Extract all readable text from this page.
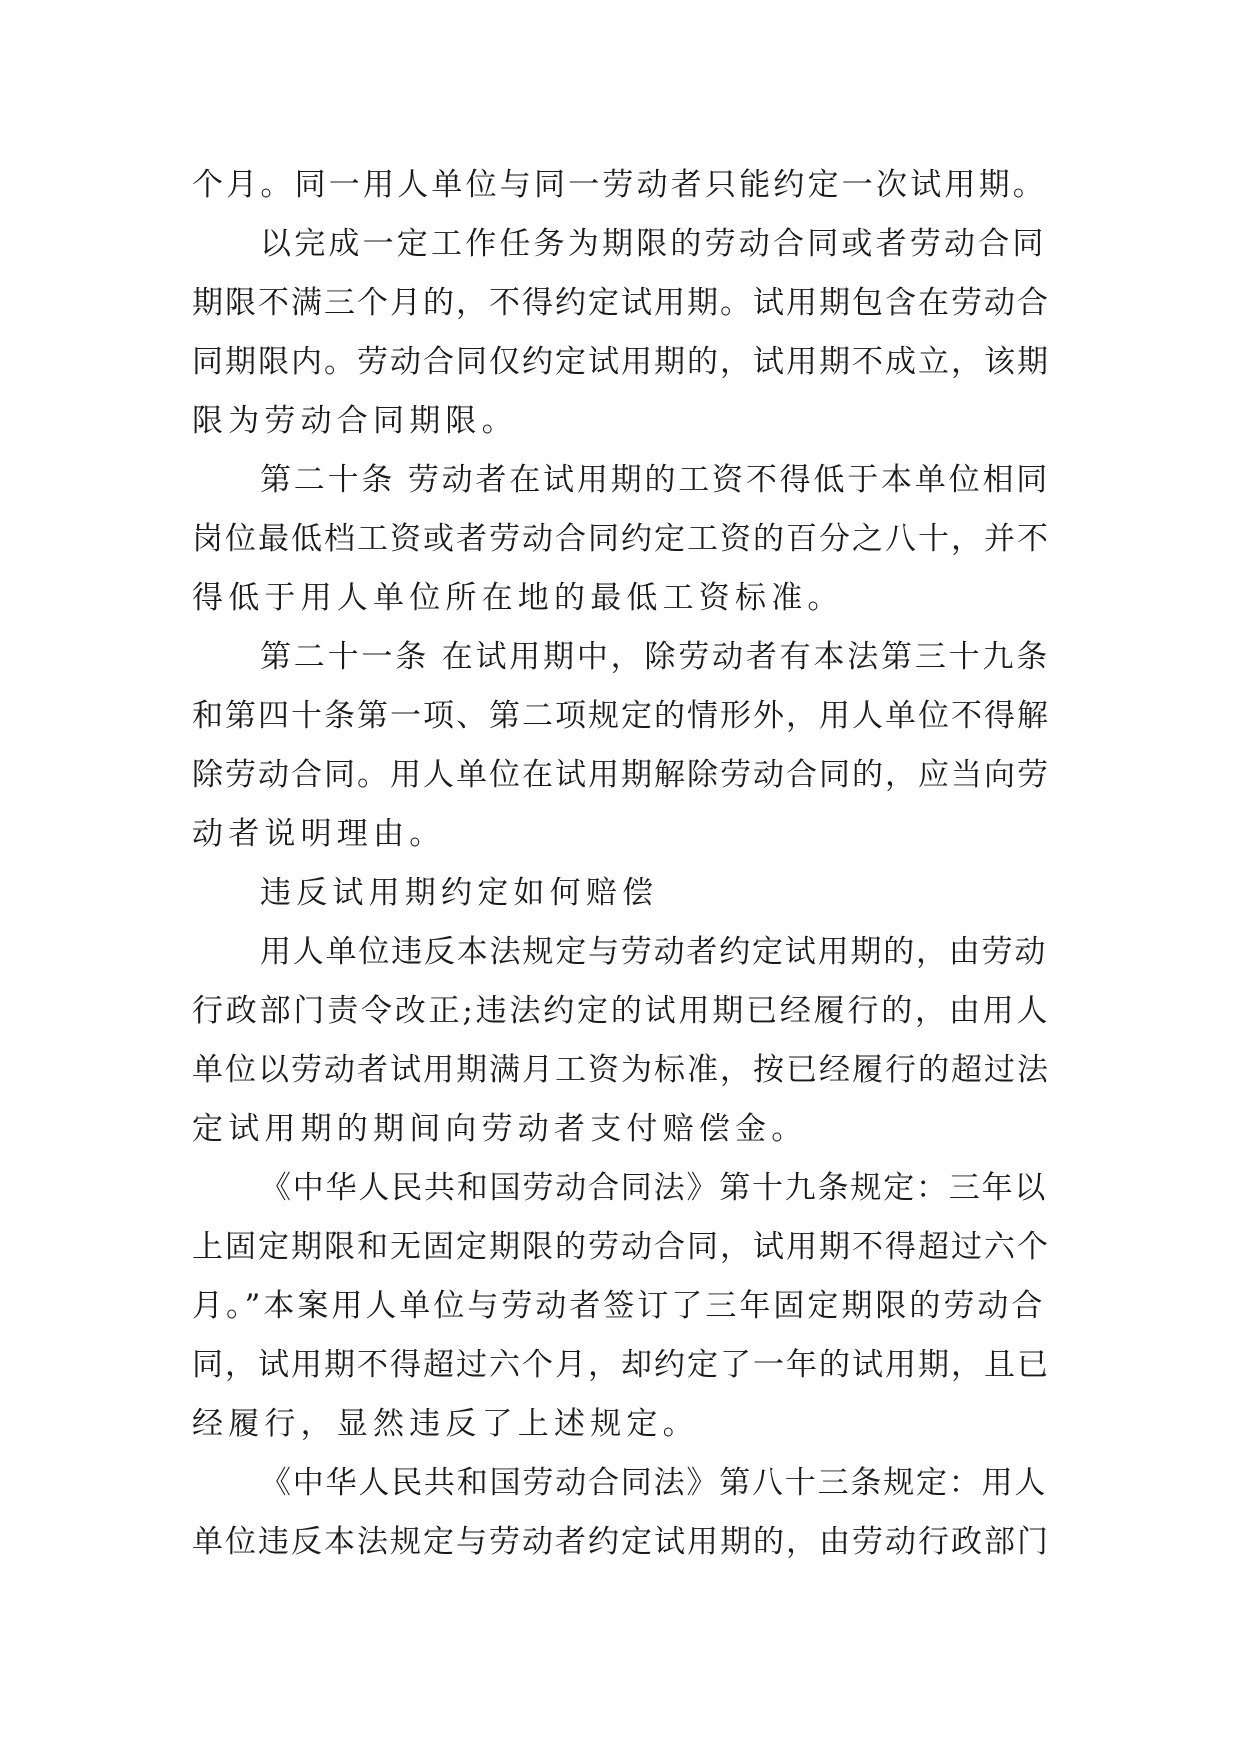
个月。同一用人单位与同一劳动者只能约定一次试用期。
以完成一定工作任务为期限的劳动合同或者劳动合同
期限不满三个月的，不得约定试用期。试用期包含在劳动合
同期限内。劳动合同仅约定试用期的，试用期不成立，该期
限为劳动合同期限。
第二十条 劳动者在试用期的工资不得低于本单位相同
岗位最低档工资或者劳动合同约定工资的百分之八十，并不
得低于用人单位所在地的最低工资标准。
第二十一条 在试用期中，除劳动者有本法第三十九条
和第四十条第一项、第二项规定的情形外，用人单位不得解
除劳动合同。用人单位在试用期解除劳动合同的，应当向劳
动者说明理由。
违反试用期约定如何赔偿
用人单位违反本法规定与劳动者约定试用期的，由劳动
行政部门责令改正;违法约定的试用期已经履行的，由用人
单位以劳动者试用期满月工资为标准，按已经履行的超过法
定试用期的期间向劳动者支付赔偿金。
《中华人民共和国劳动合同法》第十九条规定：三年以
上固定期限和无固定期限的劳动合同，试用期不得超过六个
月。”本案用人单位与劳动者签订了三年固定期限的劳动合
同，试用期不得超过六个月，却约定了一年的试用期，且已
经履行，显然违反了上述规定。
《中华人民共和国劳动合同法》第八十三条规定：用人
单位违反本法规定与劳动者约定试用期的，由劳动行政部门
